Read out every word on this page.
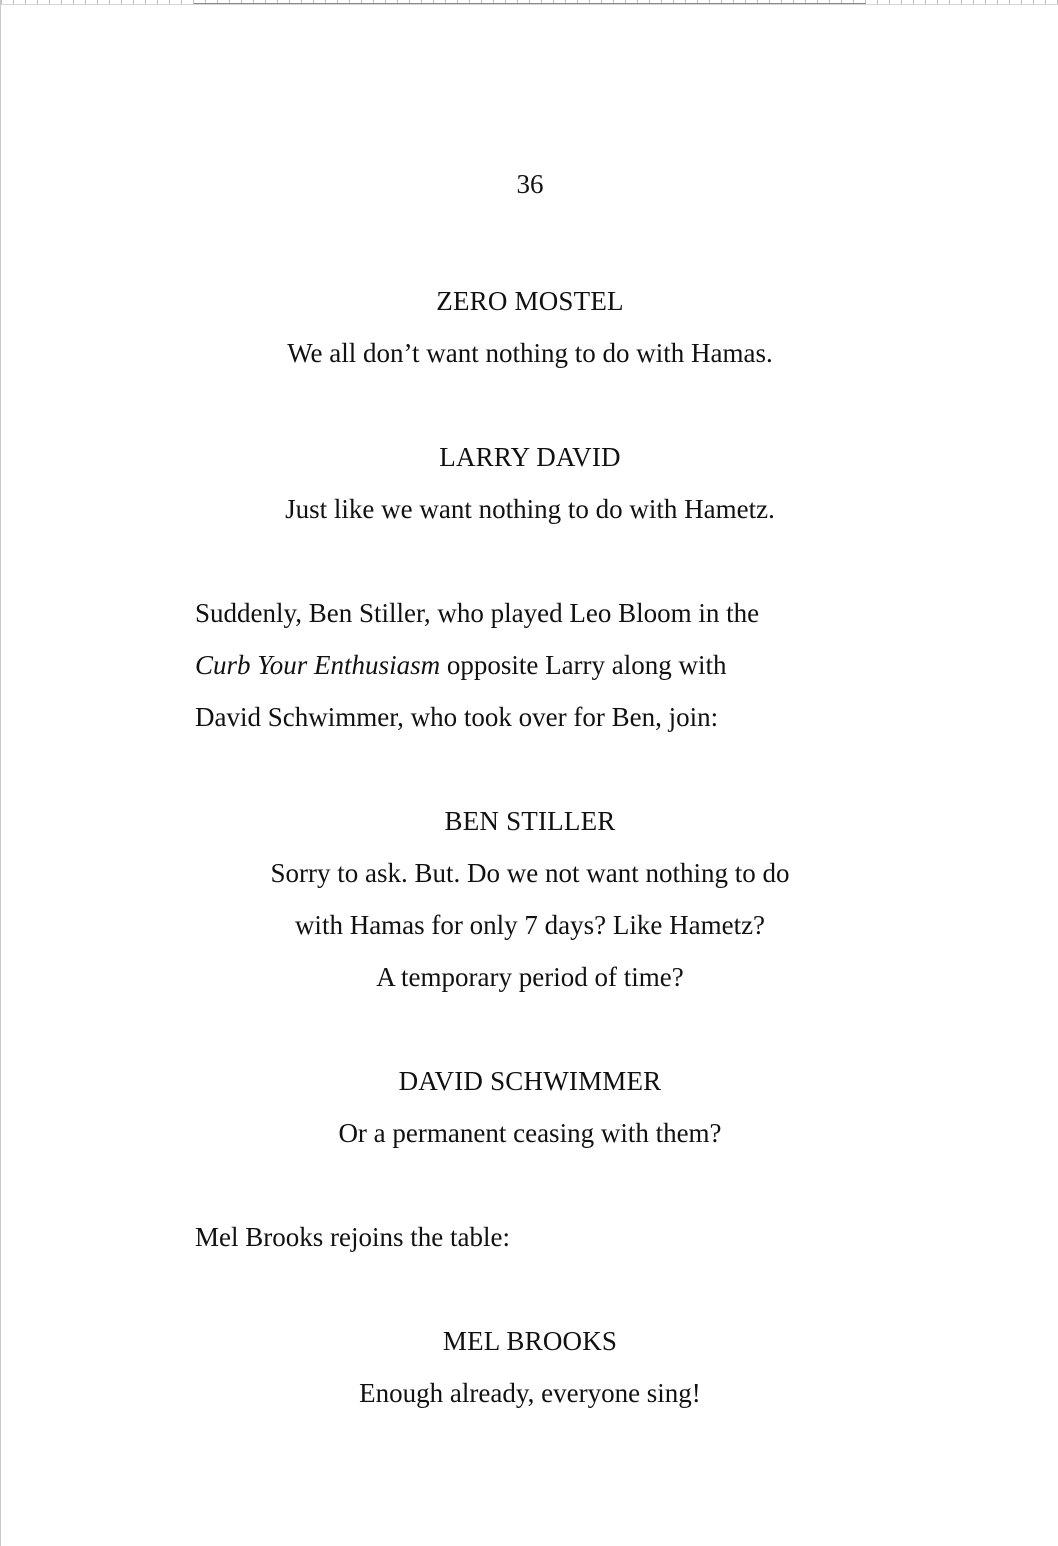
36
ZERO MOSTEL
We all don’t want nothing to do with Hamas.
LARRY DAVID
Just like we want nothing to do with Hametz.
Suddenly, Ben Stiller, who played Leo Bloom in the
Curb Your Enthusiasm opposite Larry along with
David Schwimmer, who took over for Ben, join:
BEN STILLER
Sorry to ask. But. Do we not want nothing to do
with Hamas for only 7 days? Like Hametz?
A temporary period of time?
DAVID SCHWIMMER
Or a permanent ceasing with them?
Mel Brooks rejoins the table:
MEL BROOKS
Enough already, everyone sing!
